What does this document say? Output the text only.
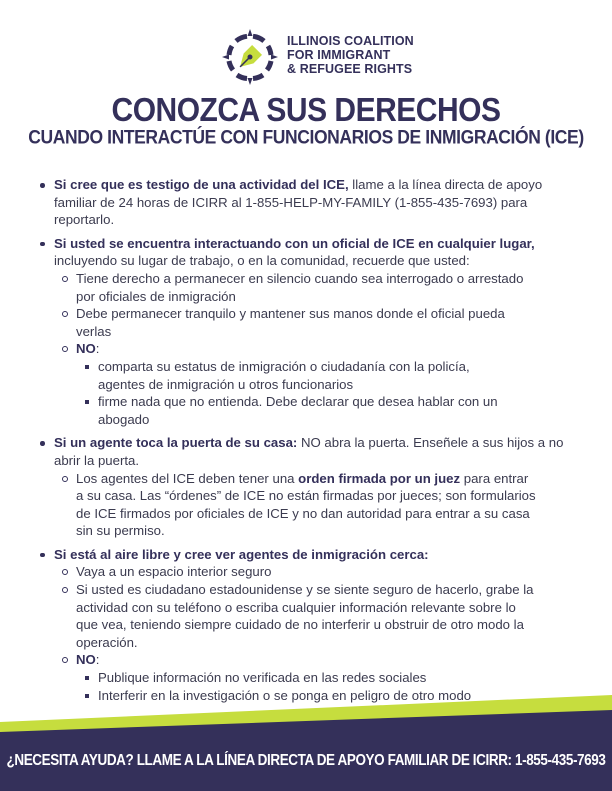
ILLINOIS COALITION
FOR IMMIGRANT
& REFUGEE RIGHTS
CONOZCA SUS DERECHOS
CUANDO INTERACTÚE CON FUNCIONARIOS DE INMIGRACIÓN (ICE)
Si cree que es testigo de una actividad del ICE, llame a la línea directa de apoyo familiar de 24 horas de ICIRR al 1-855-HELP-MY-FAMILY (1-855-435-7693) para reportarlo.
Si usted se encuentra interactuando con un oficial de ICE en cualquier lugar, incluyendo su lugar de trabajo, o en la comunidad, recuerde que usted:
Tiene derecho a permanecer en silencio cuando sea interrogado o arrestado por oficiales de inmigración
Debe permanecer tranquilo y mantener sus manos donde el oficial pueda verlas
NO:
comparta su estatus de inmigración o ciudadanía con la policía, agentes de inmigración u otros funcionarios
firme nada que no entienda. Debe declarar que desea hablar con un abogado
Si un agente toca la puerta de su casa: NO abra la puerta. Enseñele a sus hijos a no abrir la puerta.
Los agentes del ICE deben tener una orden firmada por un juez para entrar a su casa. Las “órdenes” de ICE no están firmadas por jueces; son formularios de ICE firmados por oficiales de ICE y no dan autoridad para entrar a su casa sin su permiso.
Si está al aire libre y cree ver agentes de inmigración cerca:
Vaya a un espacio interior seguro
Si usted es ciudadano estadounidense y se siente seguro de hacerlo, grabe la actividad con su teléfono o escriba cualquier información relevante sobre lo que vea, teniendo siempre cuidado de no interferir u obstruir de otro modo la operación.
NO:
Publique información no verificada en las redes sociales
Interferir en la investigación o se ponga en peligro de otro modo
¿NECESITA AYUDA? LLAME A LA LÍNEA DIRECTA DE APOYO FAMILIAR DE ICIRR: 1-855-435-7693
